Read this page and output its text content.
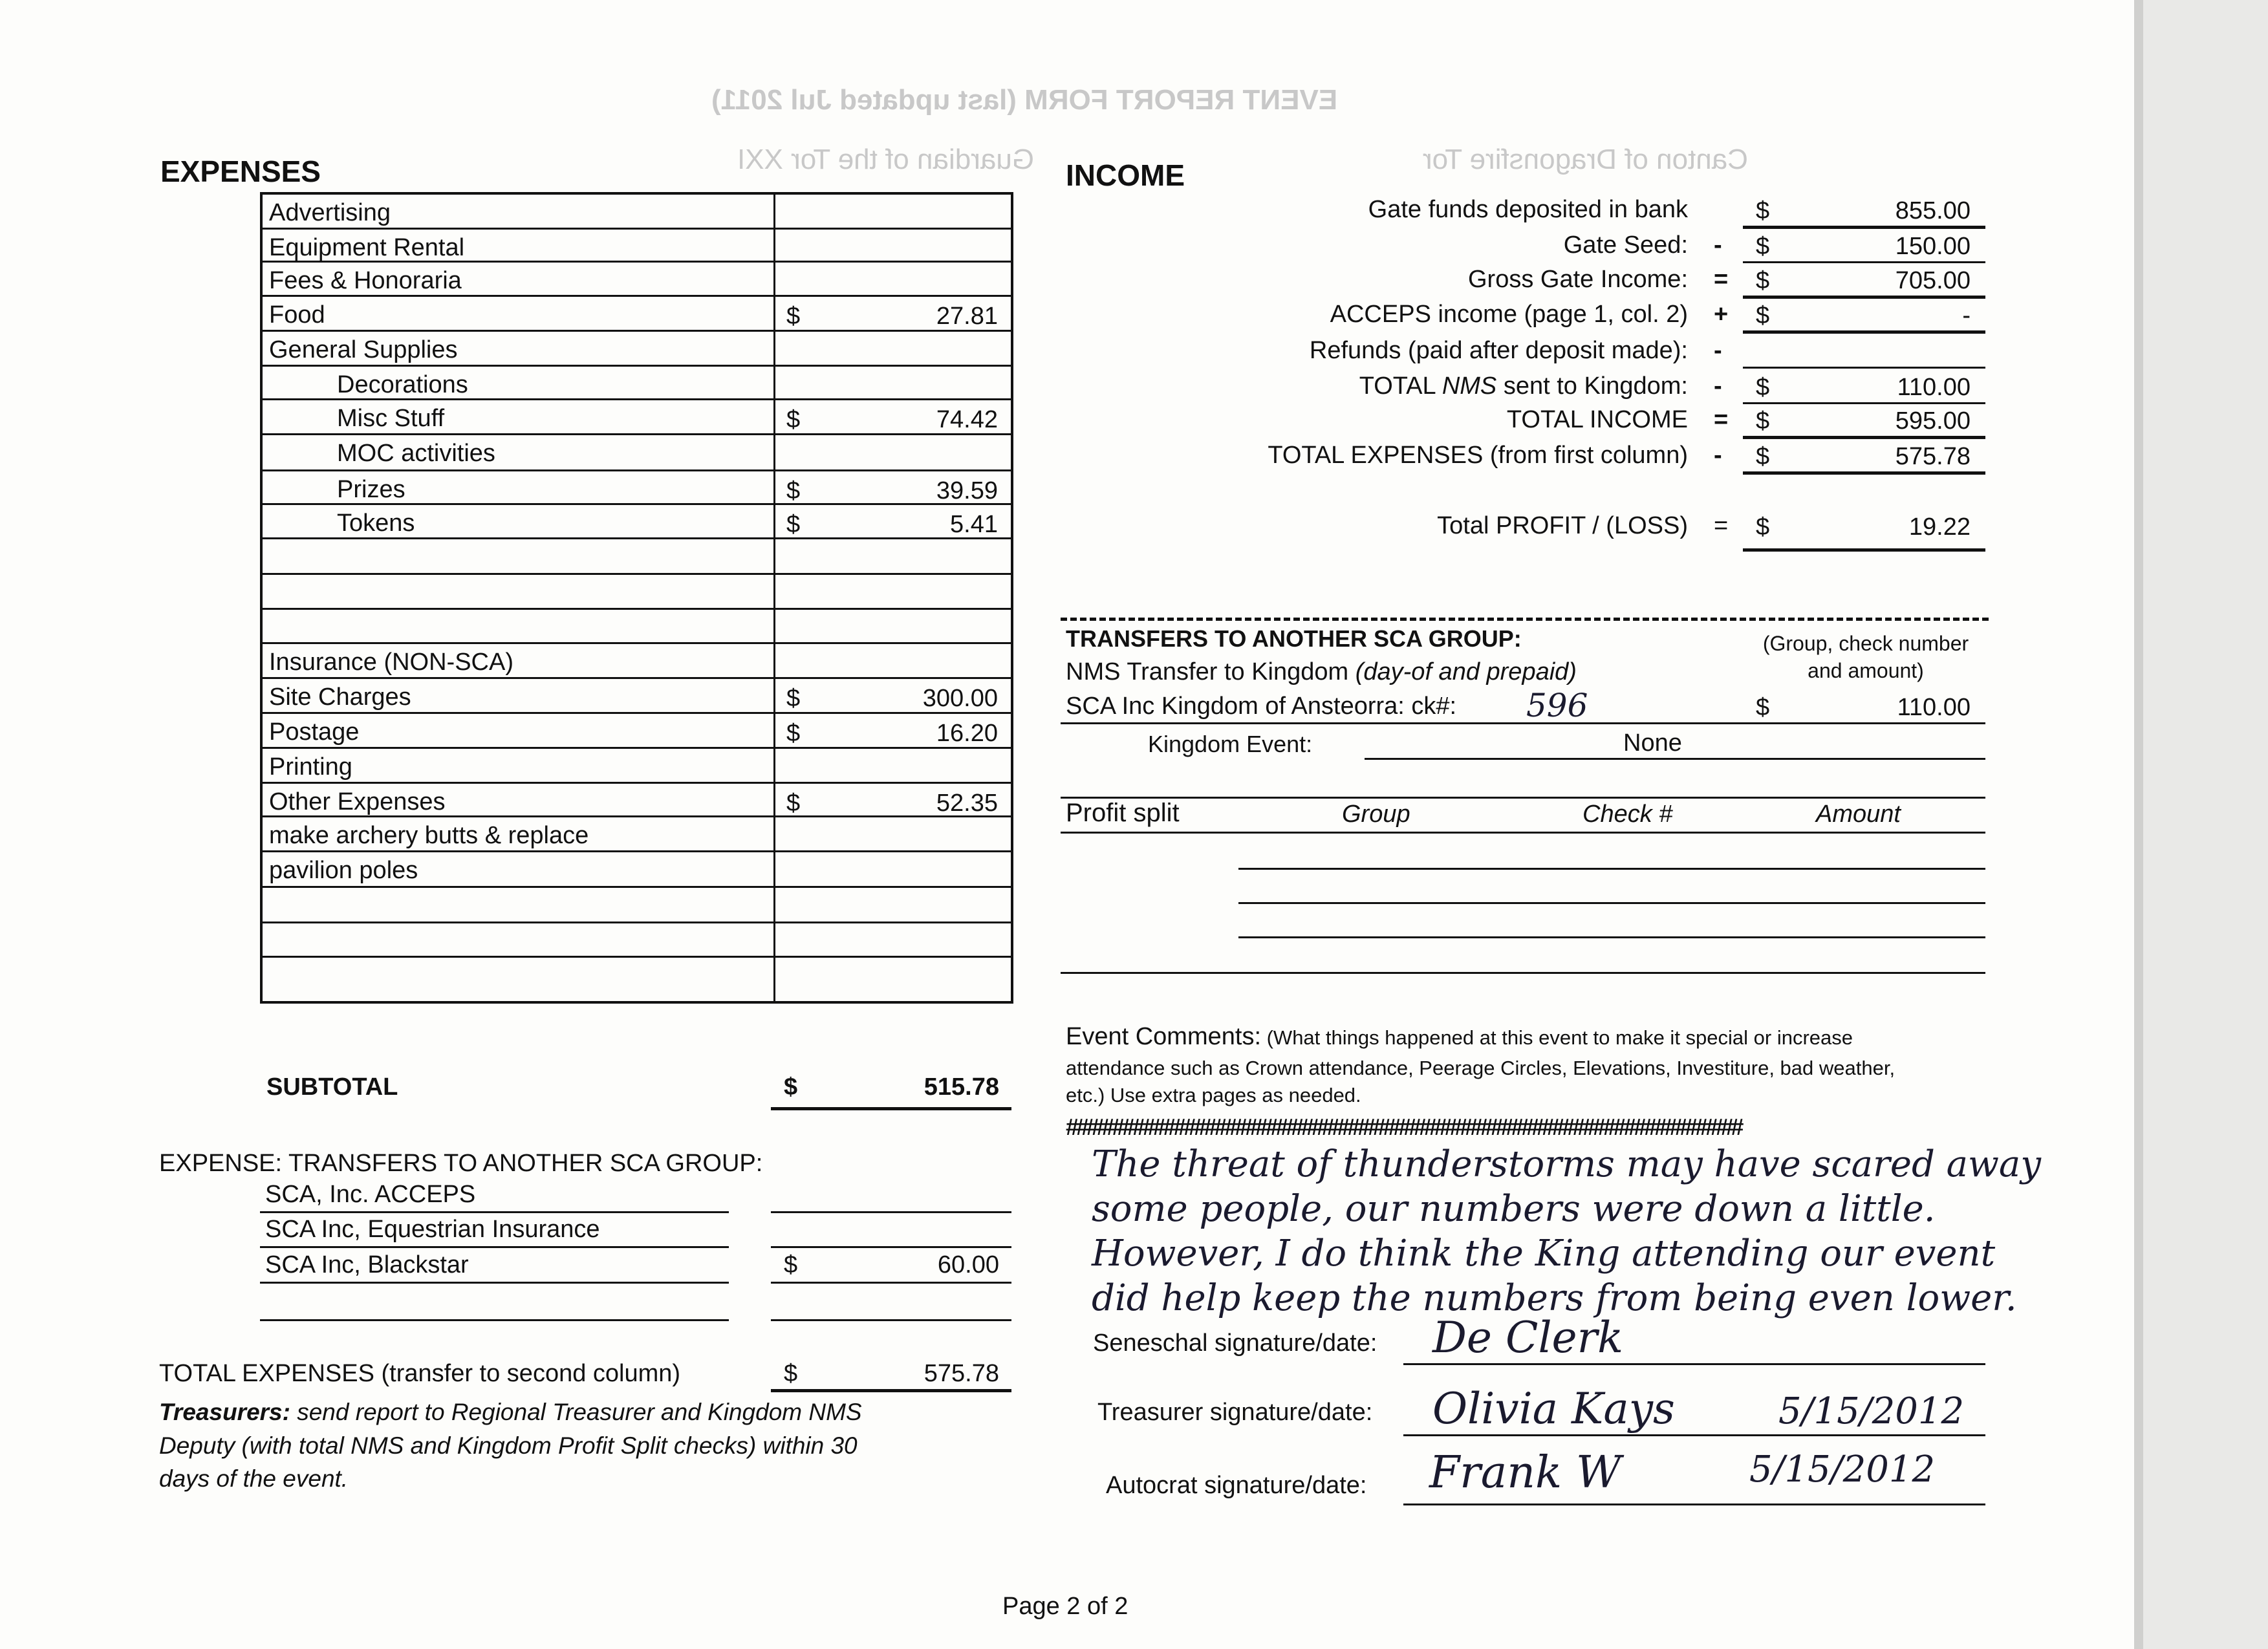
EVENT REPORT FORM (last updated Jul 2011)
Canton of Dragonsfire Tor
Guardian of the Tor XXI
EXPENSES
Advertising
Equipment Rental
Fees & Honoraria
Food	$	27.81
General Supplies
Decorations
Misc Stuff	$	74.42
MOC activities
Prizes	$	39.59
Tokens	$	5.41
Insurance (NON-SCA)
Site Charges	$	300.00
Postage	$	16.20
Printing
Other Expenses	$	52.35
make archery butts & replace
pavilion poles
SUBTOTAL	$	515.78
EXPENSE: TRANSFERS TO ANOTHER SCA GROUP:
SCA, Inc. ACCEPS
SCA Inc, Equestrian Insurance
SCA Inc, Blackstar	$	60.00
TOTAL EXPENSES (transfer to second column)	$	575.78
Treasurers: send report to Regional Treasurer and Kingdom NMS
Deputy (with total NMS and Kingdom Profit Split checks) within 30
days of the event.
INCOME
Gate funds deposited in bank	$	855.00
Gate Seed: - $	150.00
Gross Gate Income: = $	705.00
ACCEPS income (page 1, col. 2) + $	-
Refunds (paid after deposit made): -
TOTAL NMS sent to Kingdom: - $	110.00
TOTAL INCOME = $	595.00
TOTAL EXPENSES (from first column) - $	575.78
Total PROFIT / (LOSS) = $	19.22
TRANSFERS TO ANOTHER SCA GROUP:	(Group, check number
and amount)
NMS Transfer to Kingdom (day-of and prepaid)
SCA Inc Kingdom of Ansteorra: ck#: 596	$	110.00
Kingdom Event:	None
Profit split	Group	Check #	Amount
Event Comments: (What things happened at this event to make it special or increase
attendance such as Crown attendance, Peerage Circles, Elevations, Investiture, bad weather,
etc.) Use extra pages as needed.
##################################################################
The threat of thunderstorms may have scared away
some people, our numbers were down a little.
However, I do think the King attending our event
did help keep the numbers from being even lower.
Seneschal signature/date: De Clerk
Treasurer signature/date: Olivia Kays	5/15/2012
Autocrat signature/date: Frank W	5/15/2012
Page 2 of 2
